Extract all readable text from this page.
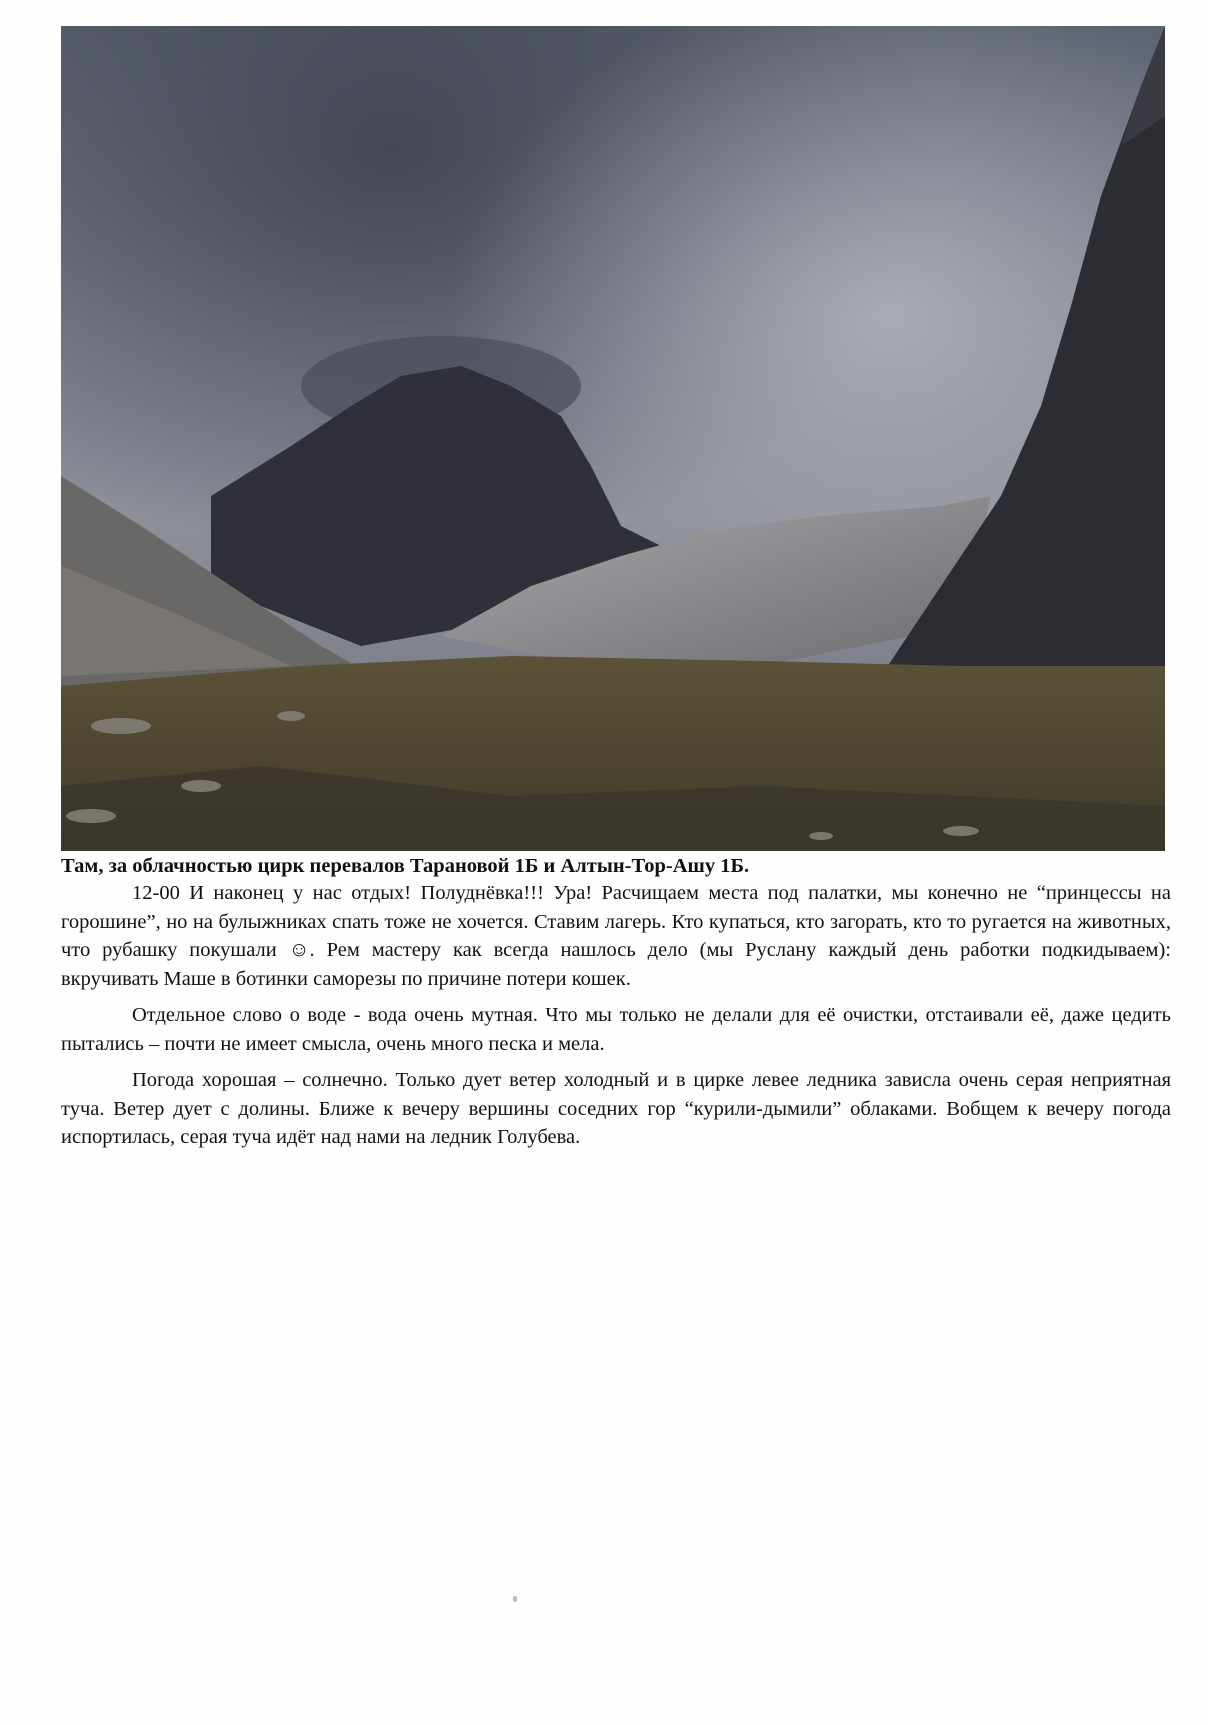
Там, за облачностью цирк перевалов Тарановой 1Б и Алтын-Тор-Ашу 1Б.

12-00 И наконец у нас отдых! Полуднёвка!!! Ура! Расчищаем места под палатки, мы конечно не “принцессы на горошине”, но на булыжниках спать тоже не хочется. Ставим лагерь. Кто купаться, кто загорать, кто то ругается на животных, что рубашку покушали ☺. Рем мастеру как всегда нашлось дело (мы Руслану каждый день работки подкидываем): вкручивать Маше в ботинки саморезы по причине потери кошек.

Отдельное слово о воде - вода очень мутная. Что мы только не делали для её очистки, отстаивали её, даже цедить пытались – почти не имеет смысла, очень много песка и мела.

Погода хорошая – солнечно. Только дует ветер холодный и в цирке левее ледника зависла очень серая неприятная туча. Ветер дует с долины. Ближе к вечеру вершины соседних гор “курили-дымили” облаками. Вобщем к вечеру погода испортилась, серая туча идёт над нами на ледник Голубева.
